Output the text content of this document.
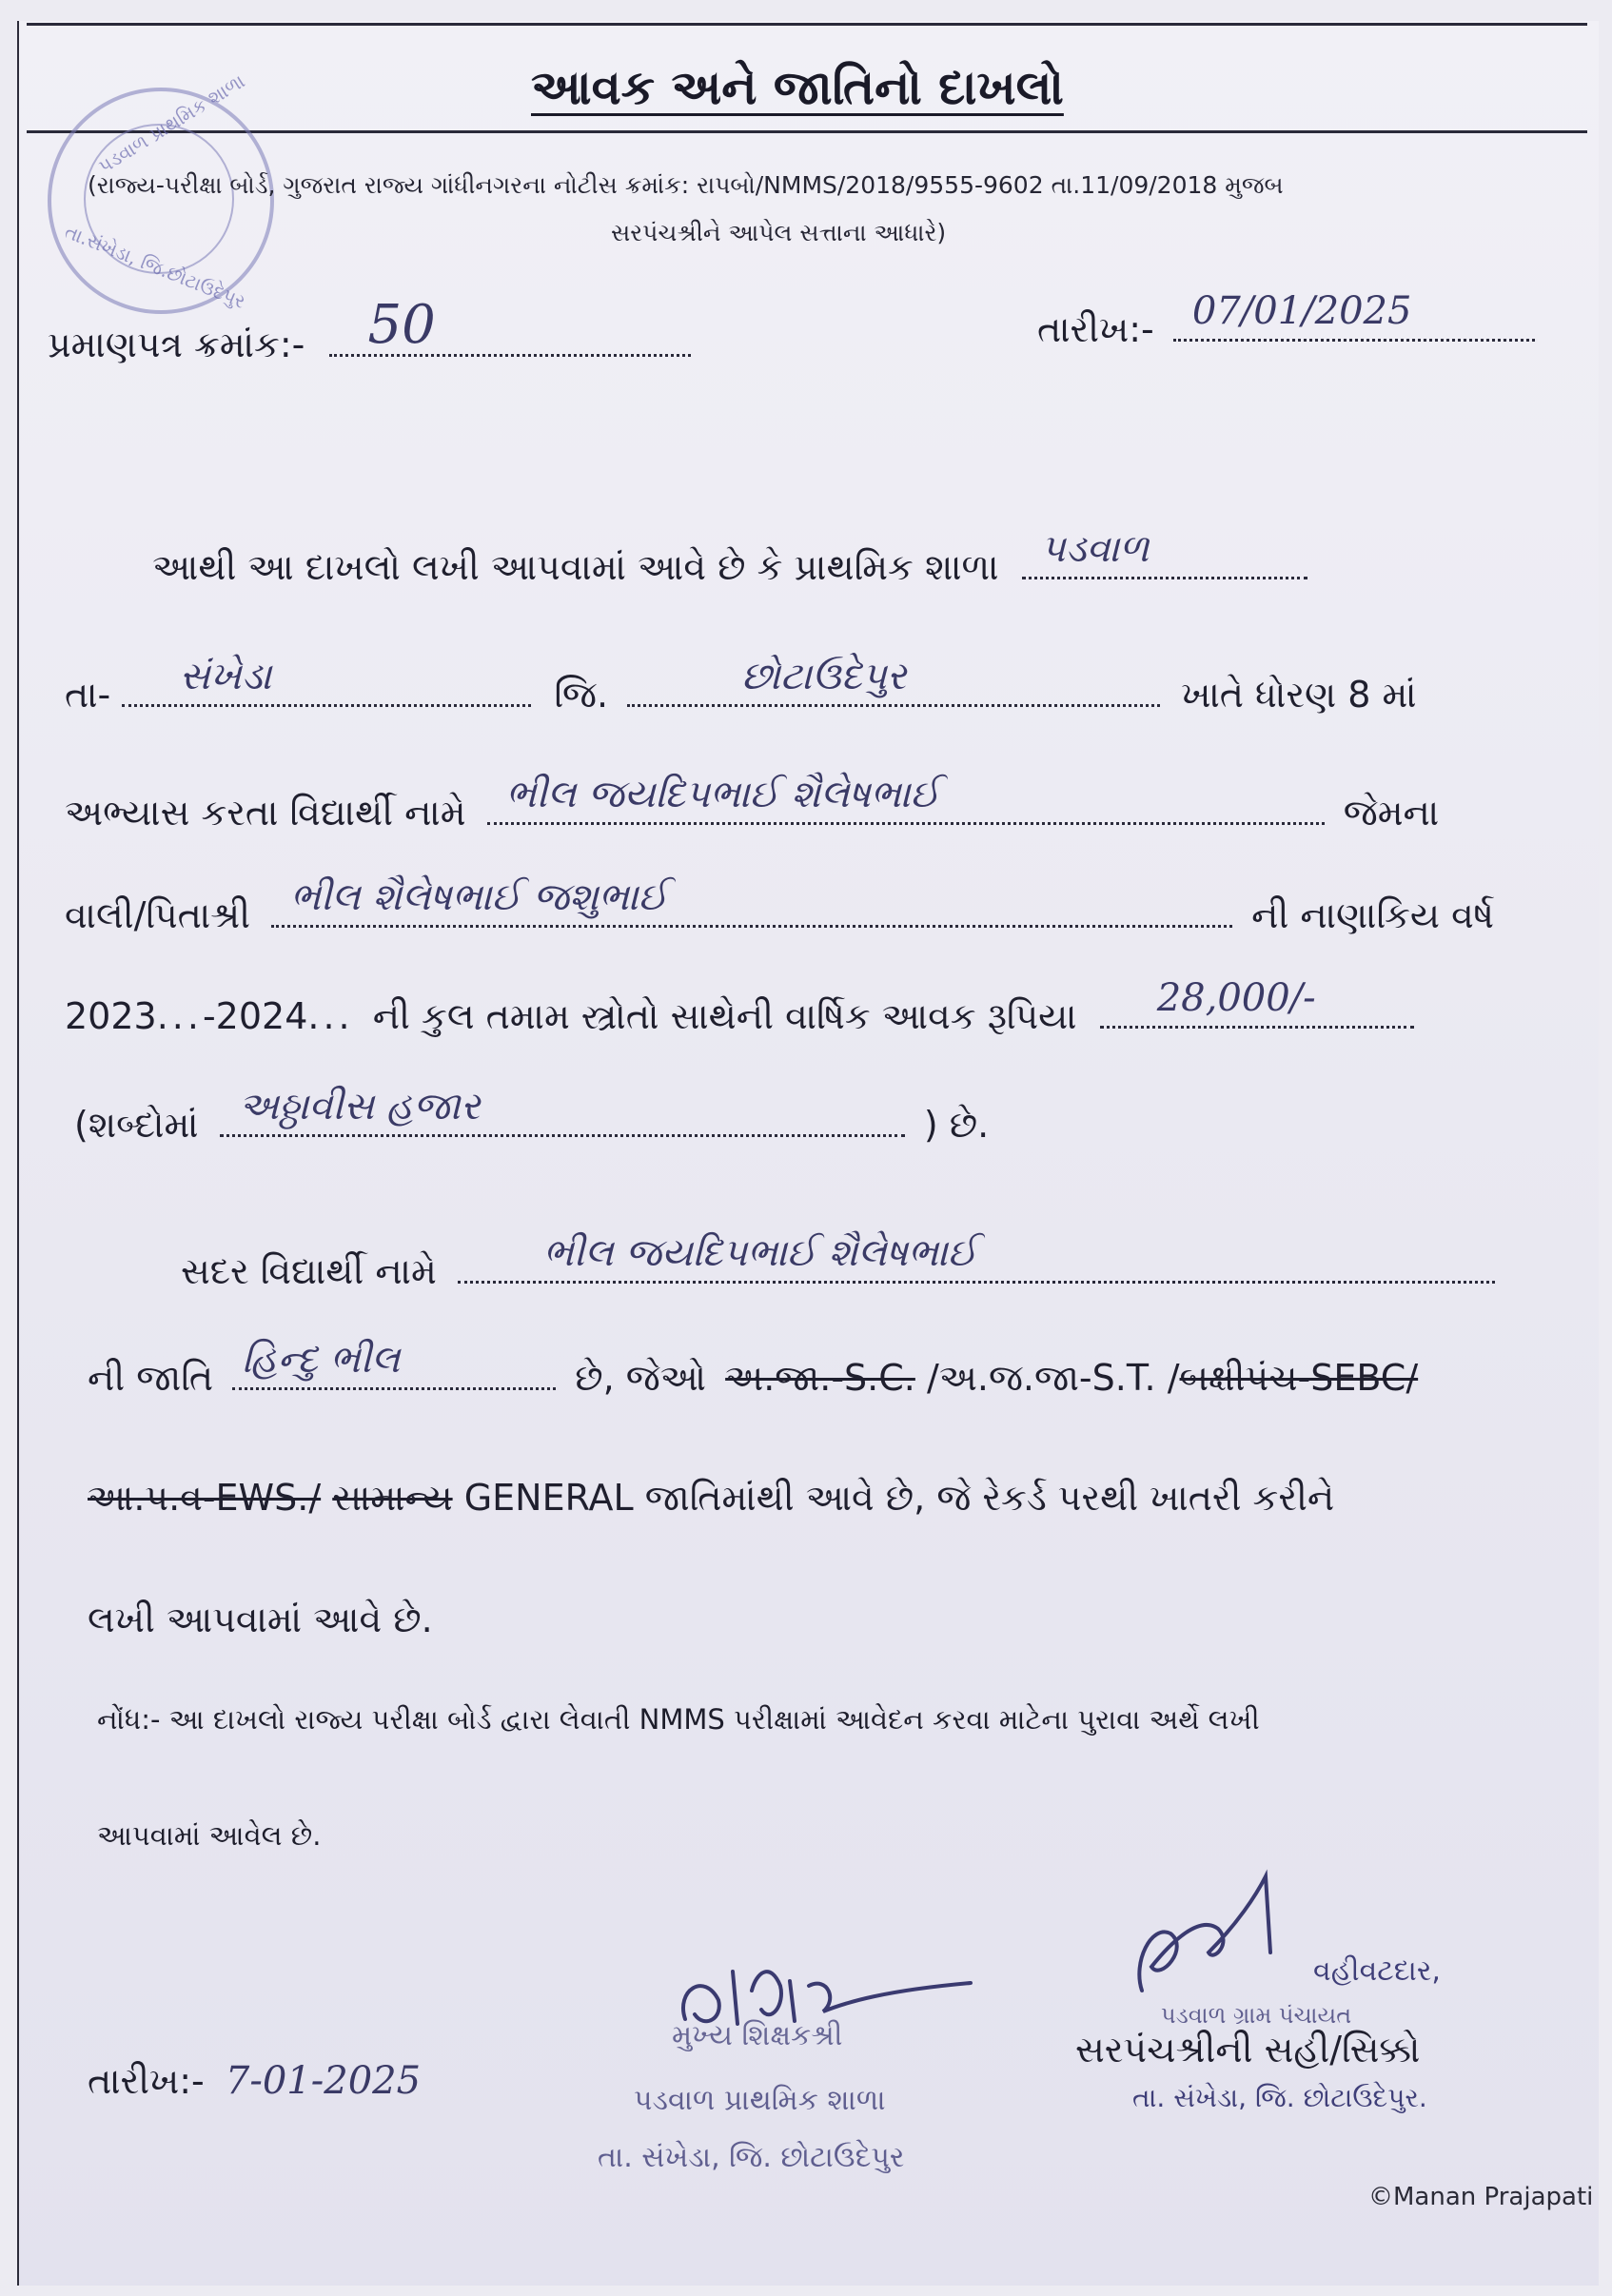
આવક અને જાતિનો દાખલો
પડવાળ પ્રાથમિક શાળા
તા.સંખેડા, જિ.છોટાઉદેપુર
(રાજ્ય-પરીક્ષા બોર્ડ, ગુજરાત રાજ્ય ગાંધીનગરના નોટીસ ક્રમાંક: રાપબો/NMMS/2018/9555-9602 તા.11/09/2018 મુજબ
સરપંચશ્રીને આપેલ સત્તાના આધારે)
પ્રમાણપત્ર ક્રમાંક:- 50	તારીખ:- 07/01/2025
આથી આ દાખલો લખી આપવામાં આવે છે કે પ્રાથમિક શાળા પડવાળ
તા- સંખેડા	જિ.	છોટાઉદેપુર	ખાતે ધોરણ 8 માં
અભ્યાસ કરતા વિદ્યાર્થી નામે ભીલ જયદિપભાઈ શૈલેષભાઈ	જેમના
વાલી/પિતાશ્રી ભીલ શૈલેષભાઈ જશુભાઈ	ની નાણાકિય વર્ષ
2023...-2024... ની કુલ તમામ સ્ત્રોતો સાથેની વાર્ષિક આવક રૂપિયા 28,000/-
(શબ્દોમાં અઠ્ઠાવીસ હજાર	) છે.
સદર વિદ્યાર્થી નામે	ભીલ જયદિપભાઈ શૈલેષભાઈ
ની જાતિ હિન્દુ ભીલ	છે, જેઓ અ.જા.-S.C. /અ.જ.જા-S.T. /બક્ષીપંચ-SEBC/
આ.પ.વ-EWS./ સામાન્ય GENERAL જાતિમાંથી આવે છે, જે રેકર્ડ પરથી ખાતરી કરીને
લખી આપવામાં આવે છે.
નોંધ:- આ દાખલો રાજ્ય પરીક્ષા બોર્ડ દ્વારા લેવાતી NMMS પરીક્ષામાં આવેદન કરવા માટેના પુરાવા અર્થે લખી
આપવામાં આવેલ છે.
તારીખ:- 7-01-2025
મુખ્ય શિક્ષકશ્રી
પડવાળ પ્રાથમિક શાળા
તા. સંખેડા, જિ. છોટાઉદેપુર
વહીવટદાર,
પડવાળ ગ્રામ પંચાયત
સરપંચશ્રીની સહી/સિક્કો
તા. સંખેડા, જિ. છોટાઉદેપુર.
©Manan Prajapati
